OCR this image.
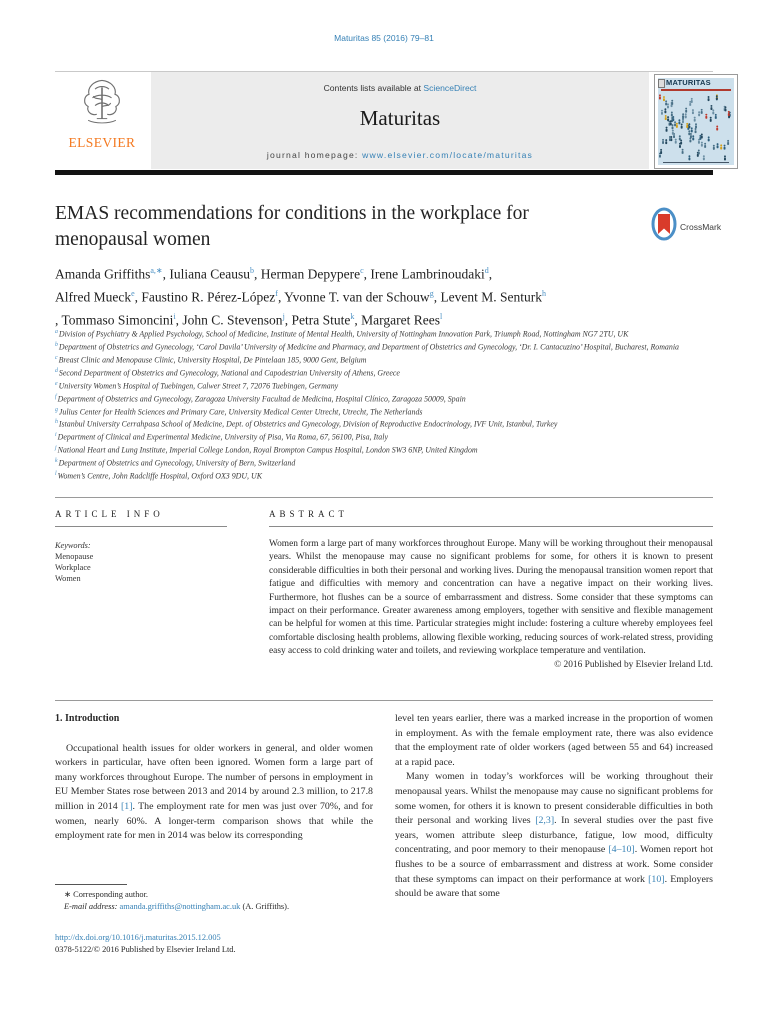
Maturitas 85 (2016) 79–81
ELSEVIER
Contents lists available at ScienceDirect
Maturitas
journal homepage: www.elsevier.com/locate/maturitas
MATURITAS
EMAS recommendations for conditions in the workplace for menopausal women
CrossMark
Amanda Griffiths$^{a,∗}$, Iuliana Ceausu$^b$, Herman Depypere$^c$, Irene Lambrinoudaki$^d$,
Alfred Mueck$^e$, Faustino R. Pérez-López$^f$, Yvonne T. van der Schouw$^g$, Levent M. Senturk$^h$
, Tommaso Simoncini$^i$, John C. Stevenson$^j$, Petra Stute$^k$, Margaret Rees$^l$
$^a$Division of Psychiatry & Applied Psychology, School of Medicine, Institute of Mental Health, University of Nottingham Innovation Park, Triumph Road, Nottingham NG7 2TU, UK
$^b$Department of Obstetrics and Gynecology, ‘Carol Davila’ University of Medicine and Pharmacy, and Department of Obstetrics and Gynecology, ‘Dr. I. Cantacuzino’ Hospital, Bucharest, Romania
$^c$Breast Clinic and Menopause Clinic, University Hospital, De Pintelaan 185, 9000 Gent, Belgium
$^d$Second Department of Obstetrics and Gynecology, National and Capodestrian University of Athens, Greece
$^e$University Women’s Hospital of Tuebingen, Calwer Street 7, 72076 Tuebingen, Germany
$^f$Department of Obstetrics and Gynecology, Zaragoza University Facultad de Medicina, Hospital Clínico, Zaragoza 50009, Spain
$^g$Julius Center for Health Sciences and Primary Care, University Medical Center Utrecht, Utrecht, The Netherlands
$^h$Istanbul University Cerrahpasa School of Medicine, Dept. of Obstetrics and Gynecology, Division of Reproductive Endocrinology, IVF Unit, Istanbul, Turkey
$^i$Department of Clinical and Experimental Medicine, University of Pisa, Via Roma, 67, 56100, Pisa, Italy
$^j$National Heart and Lung Institute, Imperial College London, Royal Brompton Campus Hospital, London SW3 6NP, United Kingdom
$^k$Department of Obstetrics and Gynecology, University of Bern, Switzerland
$^l$Women’s Centre, John Radcliffe Hospital, Oxford OX3 9DU, UK
ARTICLE INFO
Keywords:
Menopause
Workplace
Women
ABSTRACT
Women form a large part of many workforces throughout Europe. Many will be working throughout their menopausal years. Whilst the menopause may cause no significant problems for some, for others it is known to present considerable difficulties in both their personal and working lives. During the menopausal transition women report that fatigue and difficulties with memory and concentration can have a negative impact on their working lives. Furthermore, hot flushes can be a source of embarrassment and distress. Some consider that these symptoms can impact on their performance. Greater awareness among employers, together with sensitive and flexible management can be helpful for women at this time. Particular strategies might include: fostering a culture whereby employees feel comfortable disclosing health problems, allowing flexible working, reducing sources of work-related stress, providing easy access to cold drinking water and toilets, and reviewing workplace temperature and ventilation.
© 2016 Published by Elsevier Ireland Ltd.
1. Introduction

Occupational health issues for older workers in general, and older women workers in particular, have often been ignored. Women form a large part of many workforces throughout Europe. The number of persons in employment in EU Member States rose between 2013 and 2014 by around 2.3 million, to 217.8 million in 2014 [1]. The employment rate for men was just over 70%, and for women, nearly 60%. A longer-term comparison shows that while the employment rate for men in 2014 was below its corresponding

level ten years earlier, there was a marked increase in the proportion of women in employment. As with the female employment rate, there was also evidence that the employment rate of older workers (aged between 55 and 64) increased at a rapid pace.

Many women in today’s workforces will be working throughout their menopausal years. Whilst the menopause may cause no significant problems for some women, for others it is known to present considerable difficulties in both their personal and working lives [2,3]. In several studies over the past five years, women attribute sleep disturbance, fatigue, low mood, difficulty concentrating, and poor memory to their menopause [4–10]. Women report hot flushes to be a source of embarrassment and distress at work. Some consider that these symptoms can impact on their performance at work [10]. Employers should be aware that some

∗ Corresponding author.
E-mail address: amanda.griffiths@nottingham.ac.uk (A. Griffiths).
http://dx.doi.org/10.1016/j.maturitas.2015.12.005
0378-5122/© 2016 Published by Elsevier Ireland Ltd.
